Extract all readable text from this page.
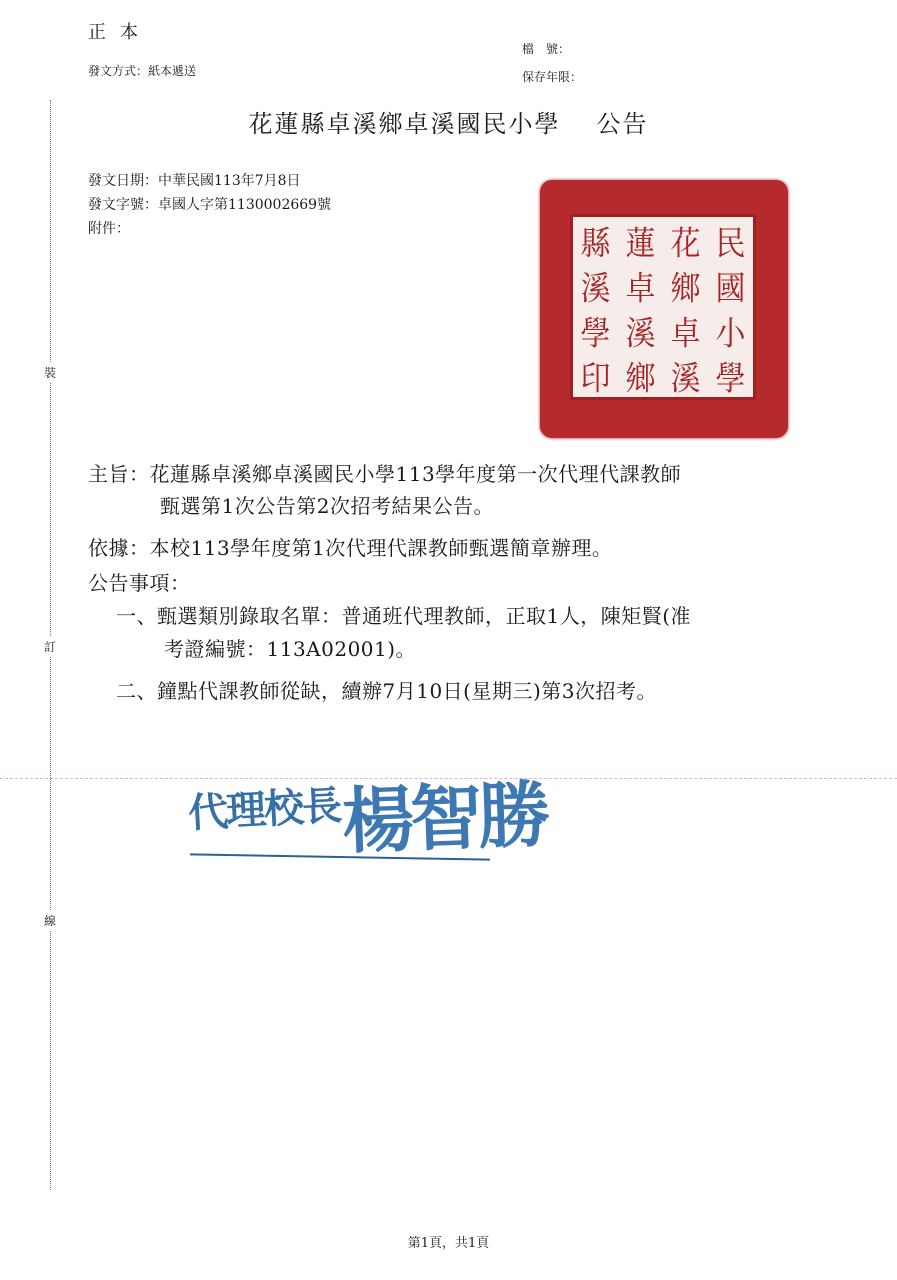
正本
發文方式：紙本遞送
檔　號：
保存年限：
裝
訂
線
花蓮縣卓溪鄉卓溪國民小學 公告
發文日期：中華民國113年7月8日
發文字號：卓國人字第1130002669號
附件：	縣 蓮 花 民
溪 卓 鄉 國
學 溪 卓 小
印 鄉 溪 學
主旨：花蓮縣卓溪鄉卓溪國民小學113學年度第一次代理代課教師
甄選第1次公告第2次招考結果公告。
依據：本校113學年度第1次代理代課教師甄選簡章辦理。
公告事項：
一、甄選類別錄取名單：普通班代理教師，正取1人，陳矩賢(准
考證編號：113A02001)。
二、鐘點代課教師從缺，續辦7月10日(星期三)第3次招考。
代理校長 楊智勝
第1頁，共1頁
